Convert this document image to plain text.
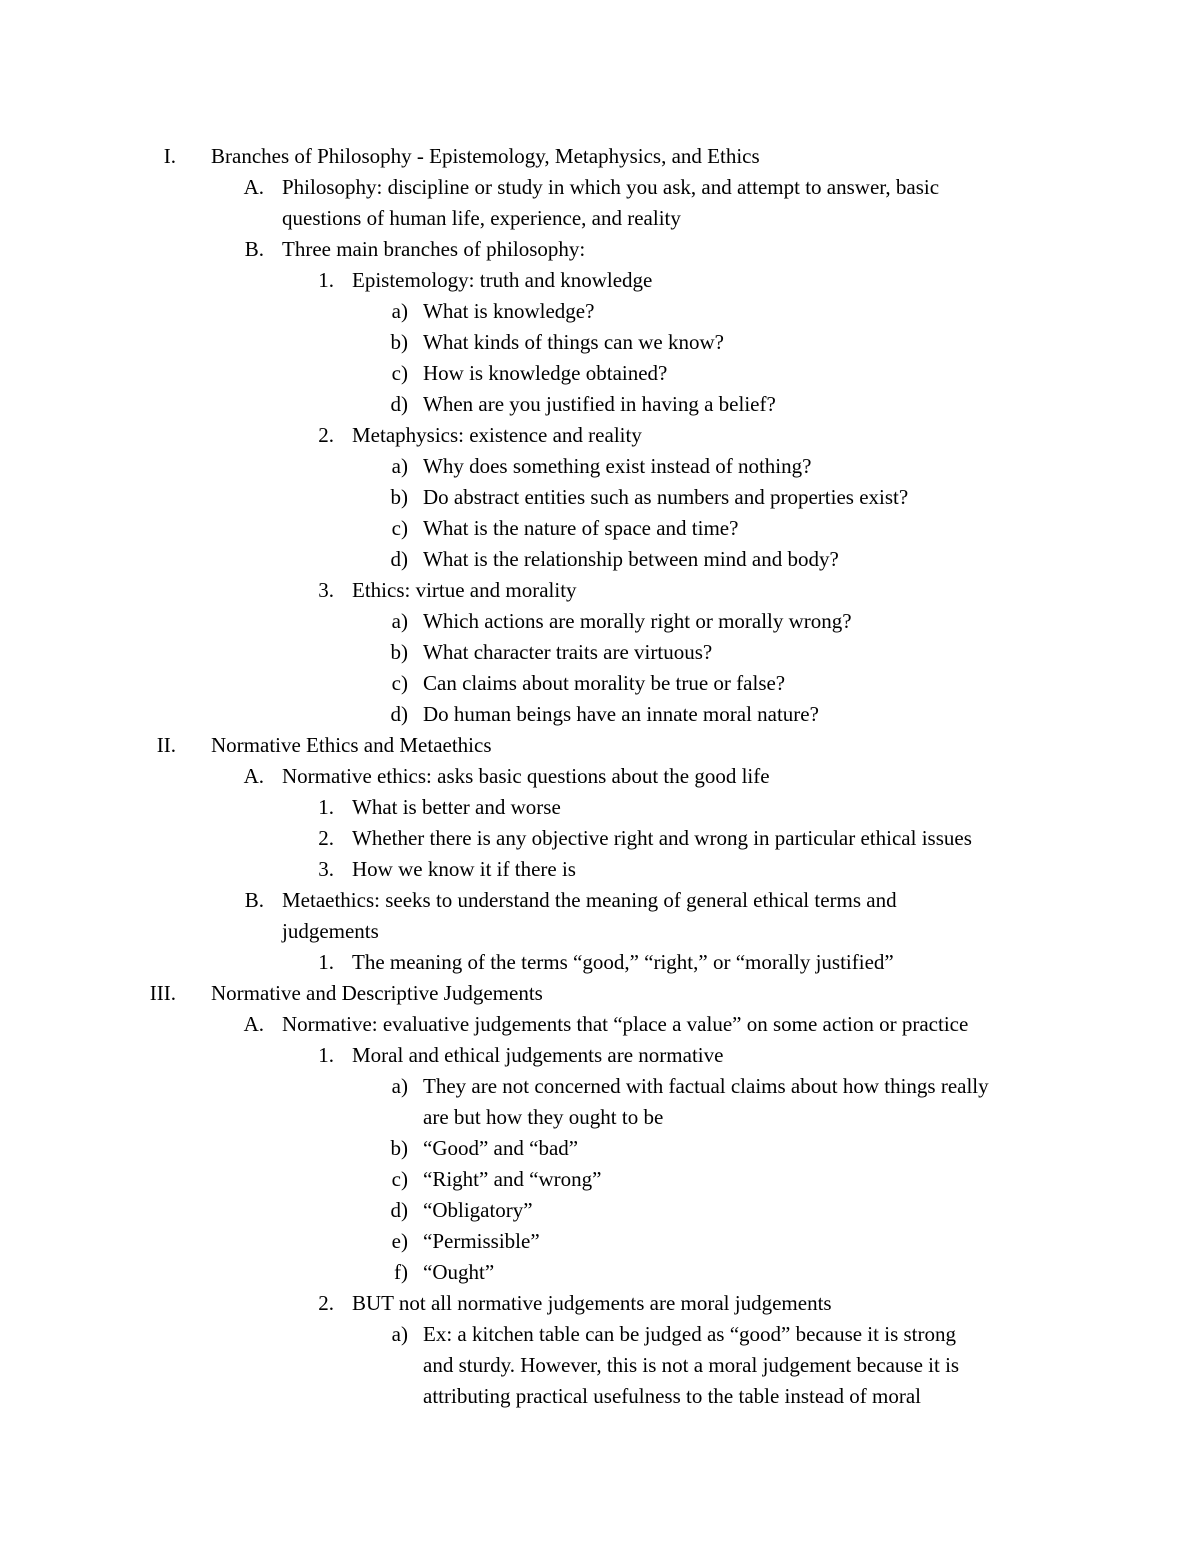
I. Branches of Philosophy - Epistemology, Metaphysics, and Ethics
A. Philosophy: discipline or study in which you ask, and attempt to answer, basic
questions of human life, experience, and reality
B. Three main branches of philosophy:
1. Epistemology: truth and knowledge
a) What is knowledge?
b) What kinds of things can we know?
c) How is knowledge obtained?
d) When are you justified in having a belief?
2. Metaphysics: existence and reality
a) Why does something exist instead of nothing?
b) Do abstract entities such as numbers and properties exist?
c) What is the nature of space and time?
d) What is the relationship between mind and body?
3. Ethics: virtue and morality
a) Which actions are morally right or morally wrong?
b) What character traits are virtuous?
c) Can claims about morality be true or false?
d) Do human beings have an innate moral nature?
II. Normative Ethics and Metaethics
A. Normative ethics: asks basic questions about the good life
1. What is better and worse
2. Whether there is any objective right and wrong in particular ethical issues
3. How we know it if there is
B. Metaethics: seeks to understand the meaning of general ethical terms and
judgements
1. The meaning of the terms “good,” “right,” or “morally justified”
III. Normative and Descriptive Judgements
A. Normative: evaluative judgements that “place a value” on some action or practice
1. Moral and ethical judgements are normative
a) They are not concerned with factual claims about how things really
are but how they ought to be
b) “Good” and “bad”
c) “Right” and “wrong”
d) “Obligatory”
e) “Permissible”
f) “Ought”
2. BUT not all normative judgements are moral judgements
a) Ex: a kitchen table can be judged as “good” because it is strong
and sturdy. However, this is not a moral judgement because it is
attributing practical usefulness to the table instead of moral
